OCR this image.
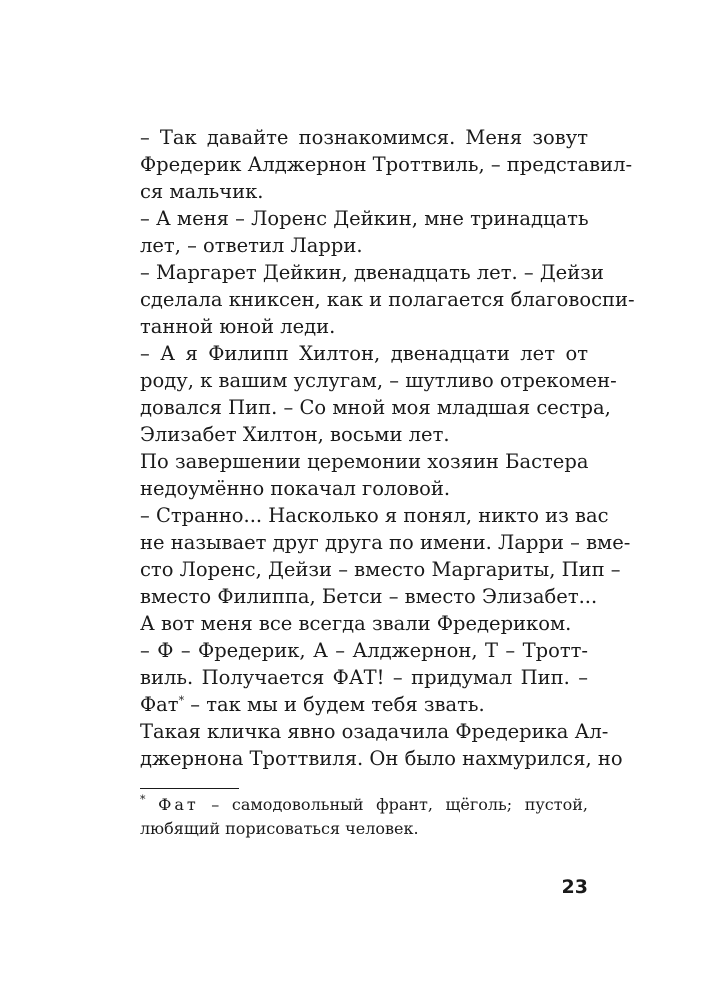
– Так давайте познакомимся. Меня зовут
Фредерик Алджернон Троттвиль, – представил-
ся мальчик.
– А меня – Лоренс Дейкин, мне тринадцать
лет, – ответил Ларри.
– Маргарет Дейкин, двенадцать лет. – Дейзи
сделала книксен, как и полагается благовоспи-
танной юной леди.
– А я Филипп Хилтон, двенадцати лет от
роду, к вашим услугам, – шутливо отрекомен-
довался Пип. – Со мной моя младшая сестра,
Элизабет Хилтон, восьми лет.
По завершении церемонии хозяин Бастера
недоумённо покачал головой.
– Странно... Насколько я понял, никто из вас
не называет друг друга по имени. Ларри – вме-
сто Лоренс, Дейзи – вместо Маргариты, Пип –
вместо Филиппа, Бетси – вместо Элизабет...
А вот меня все всегда звали Фредериком.
– Ф – Фредерик, А – Алджернон, Т – Тротт-
виль. Получается ФАТ! – придумал Пип. –
Фат* – так мы и будем тебя звать.
Такая кличка явно озадачила Фредерика Ал-
джернона Троттвиля. Он было нахмурился, но
* Фат – самодовольный франт, щёголь; пустой,
любящий порисоваться человек.
23
